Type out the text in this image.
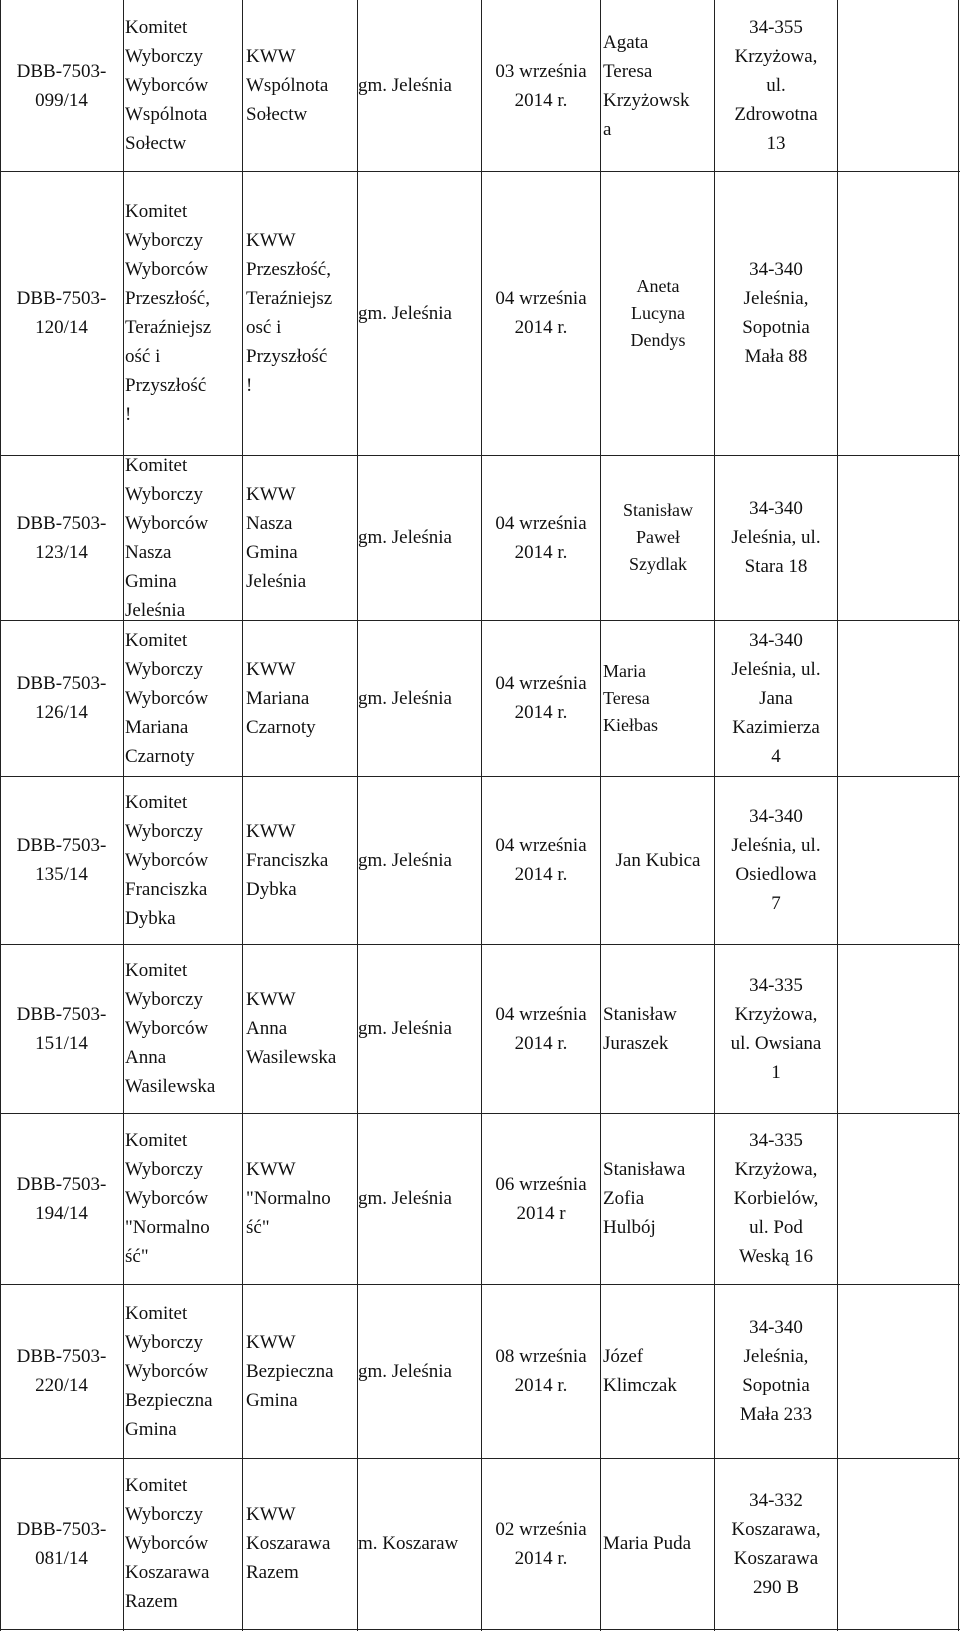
DBB-7503-
099/14
Komitet
Wyborczy
Wyborców
Wspólnota
Sołectw
KWW
Wspólnota
Sołectw
gm. Jeleśnia
03 września
2014 r.
Agata
Teresa
Krzyżowsk
a
34-355
Krzyżowa,
ul.
Zdrowotna
13
DBB-7503-
120/14
Komitet
Wyborczy
Wyborców
Przeszłość,
Teraźniejsz
ość i
Przyszłość
!
KWW
Przeszłość,
Teraźniejsz
osć i
Przyszłość
!
gm. Jeleśnia
04 września
2014 r.
Aneta
Lucyna
Dendys
34-340
Jeleśnia,
Sopotnia
Mała 88
DBB-7503-
123/14
Komitet
Wyborczy
Wyborców
Nasza
Gmina
Jeleśnia
KWW
Nasza
Gmina
Jeleśnia
gm. Jeleśnia
04 września
2014 r.
Stanisław
Paweł
Szydlak
34-340
Jeleśnia, ul.
Stara 18
DBB-7503-
126/14
Komitet
Wyborczy
Wyborców
Mariana
Czarnoty
KWW
Mariana
Czarnoty
gm. Jeleśnia
04 września
2014 r.
Maria
Teresa
Kiełbas
34-340
Jeleśnia, ul.
Jana
Kazimierza
4
DBB-7503-
135/14
Komitet
Wyborczy
Wyborców
Franciszka
Dybka
KWW
Franciszka
Dybka
gm. Jeleśnia
04 września
2014 r.
Jan Kubica
34-340
Jeleśnia, ul.
Osiedlowa
7
DBB-7503-
151/14
Komitet
Wyborczy
Wyborców
Anna
Wasilewska
KWW
Anna
Wasilewska
gm. Jeleśnia
04 września
2014 r.
Stanisław
Juraszek
34-335
Krzyżowa,
ul. Owsiana
1
DBB-7503-
194/14
Komitet
Wyborczy
Wyborców
"Normalno
ść"
KWW
"Normalno
ść"
gm. Jeleśnia
06 września
2014 r
Stanisława
Zofia
Hulbój
34-335
Krzyżowa,
Korbielów,
ul. Pod
Weską 16
DBB-7503-
220/14
Komitet
Wyborczy
Wyborców
Bezpieczna
Gmina
KWW
Bezpieczna
Gmina
gm. Jeleśnia
08 września
2014 r.
Józef
Klimczak
34-340
Jeleśnia,
Sopotnia
Mała 233
DBB-7503-
081/14
Komitet
Wyborczy
Wyborców
Koszarawa
Razem
KWW
Koszarawa
Razem
m. Koszaraw
02 września
2014 r.
Maria Puda
34-332
Koszarawa,
Koszarawa
290 B
